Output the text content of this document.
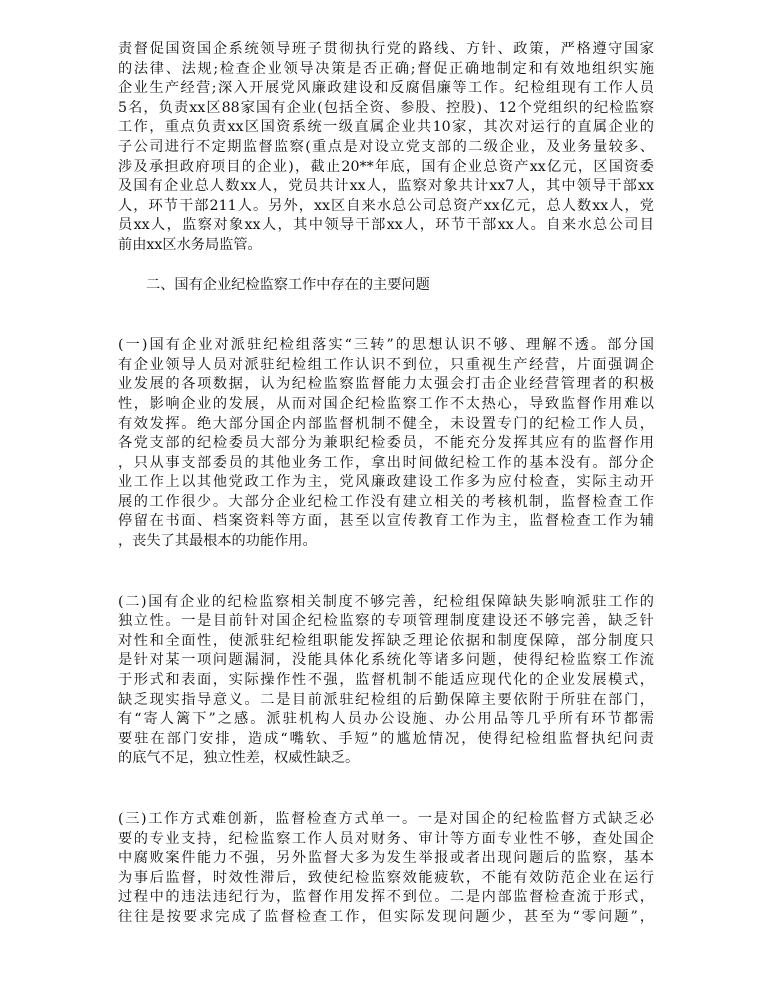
责督促国资国企系统领导班子贯彻执行党的路线、方针、政策，严格遵守国家
的法律、法规;检查企业领导决策是否正确;督促正确地制定和有效地组织实施
企业生产经营;深入开展党风廉政建设和反腐倡廉等工作。纪检组现有工作人员
5名，负责xx区88家国有企业(包括全资、参股、控股)、12个党组织的纪检监察
工作，重点负责xx区国资系统一级直属企业共10家，其次对运行的直属企业的
子公司进行不定期监督监察(重点是对设立党支部的二级企业，及业务量较多、
涉及承担政府项目的企业)，截止20**年底，国有企业总资产xx亿元，区国资委
及国有企业总人数xx人，党员共计xx人，监察对象共计xx7人，其中领导干部xx
人，环节干部211人。另外，xx区自来水总公司总资产xx亿元，总人数xx人，党
员xx人，监察对象xx人，其中领导干部xx人，环节干部xx人。自来水总公司目
前由xx区水务局监管。
二、国有企业纪检监察工作中存在的主要问题
(一)国有企业对派驻纪检组落实“三转”的思想认识不够、理解不透。部分国
有企业领导人员对派驻纪检组工作认识不到位，只重视生产经营，片面强调企
业发展的各项数据，认为纪检监察监督能力太强会打击企业经营管理者的积极
性，影响企业的发展，从而对国企纪检监察工作不太热心，导致监督作用难以
有效发挥。绝大部分国企内部监督机制不健全，未设置专门的纪检工作人员，
各党支部的纪检委员大部分为兼职纪检委员，不能充分发挥其应有的监督作用
，只从事支部委员的其他业务工作，拿出时间做纪检工作的基本没有。部分企
业工作上以其他党政工作为主，党风廉政建设工作多为应付检查，实际主动开
展的工作很少。大部分企业纪检工作没有建立相关的考核机制，监督检查工作
停留在书面、档案资料等方面，甚至以宣传教育工作为主，监督检查工作为辅
，丧失了其最根本的功能作用。
(二)国有企业的纪检监察相关制度不够完善，纪检组保障缺失影响派驻工作的
独立性。一是目前针对国企纪检监察的专项管理制度建设还不够完善，缺乏针
对性和全面性，使派驻纪检组职能发挥缺乏理论依据和制度保障，部分制度只
是针对某一项问题漏洞，没能具体化系统化等诸多问题，使得纪检监察工作流
于形式和表面，实际操作性不强，监督机制不能适应现代化的企业发展模式，
缺乏现实指导意义。二是目前派驻纪检组的后勤保障主要依附于所驻在部门，
有“寄人篱下”之感。派驻机构人员办公设施、办公用品等几乎所有环节都需
要驻在部门安排，造成“嘴软、手短”的尴尬情况，使得纪检组监督执纪问责
的底气不足，独立性差，权威性缺乏。
(三)工作方式难创新，监督检查方式单一。一是对国企的纪检监督方式缺乏必
要的专业支持，纪检监察工作人员对财务、审计等方面专业性不够，查处国企
中腐败案件能力不强，另外监督大多为发生举报或者出现问题后的监察，基本
为事后监督，时效性滞后，致使纪检监察效能疲软，不能有效防范企业在运行
过程中的违法违纪行为，监督作用发挥不到位。二是内部监督检查流于形式，
往往是按要求完成了监督检查工作，但实际发现问题少，甚至为“零问题”，
